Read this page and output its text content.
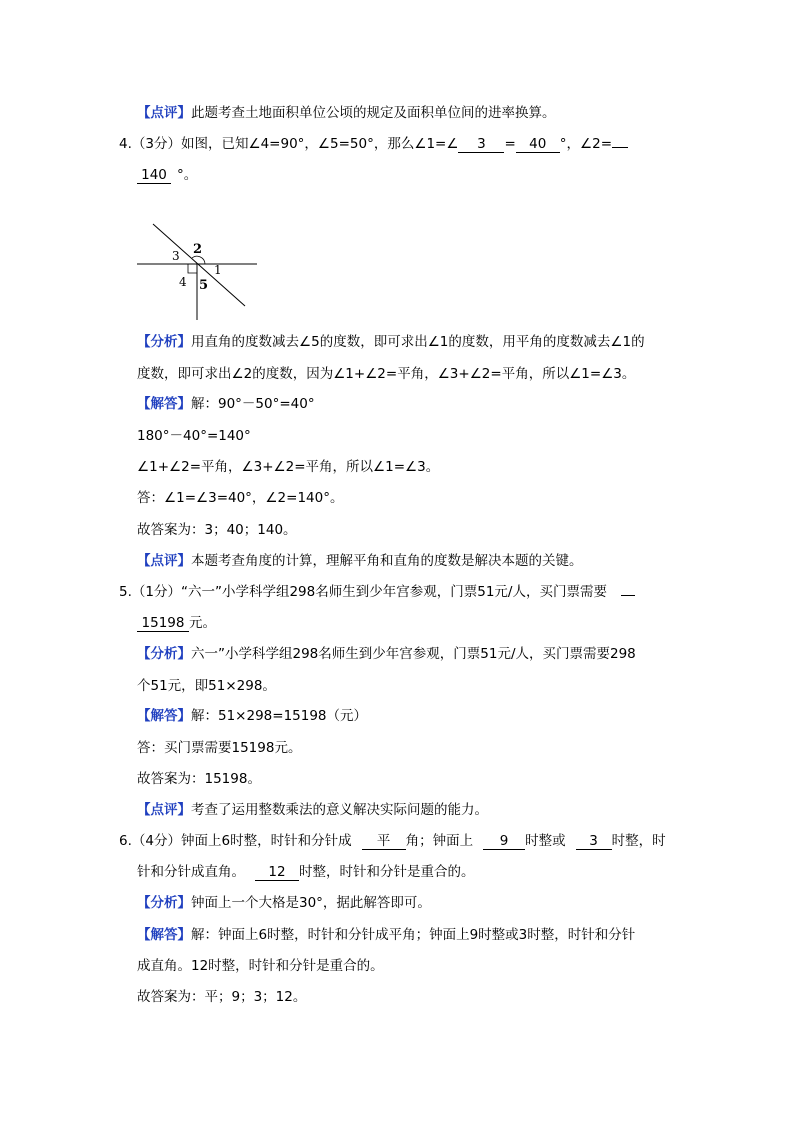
【点评】此题考查土地面积单位公顷的规定及面积单位间的进率换算。
4.（3分）如图，已知∠4=90°，∠5=50°，那么∠1=∠ 3 = 40 °，∠2=
140 °。
1
2
3
4 5
【分析】用直角的度数减去∠5的度数，即可求出∠1的度数，用平角的度数减去∠1的
度数，即可求出∠2的度数，因为∠1+∠2=平角，∠3+∠2=平角，所以∠1=∠3。
【解答】解：90°－50°=40°
180°－40°=140°
∠1+∠2=平角，∠3+∠2=平角，所以∠1=∠3。
答：∠1=∠3=40°，∠2=140°。
故答案为：3；40；140。
【点评】本题考查角度的计算，理解平角和直角的度数是解决本题的关键。
5.（1分）“六一”小学科学组298名师生到少年宫参观，门票51元/人，买门票需要
15198 元。
【分析】六一”小学科学组298名师生到少年宫参观，门票51元/人，买门票需要298
个51元，即51×298。
【解答】解：51×298=15198（元）
答：买门票需要15198元。
故答案为：15198。
【点评】考查了运用整数乘法的意义解决实际问题的能力。
6.（4分）钟面上6时整，时针和分针成 平 角；钟面上 9 时整或 3 时整，时
针和分针成直角。 12 时整，时针和分针是重合的。
【分析】钟面上一个大格是30°，据此解答即可。
【解答】解：钟面上6时整，时针和分针成平角；钟面上9时整或3时整，时针和分针
成直角。12时整，时针和分针是重合的。
故答案为：平；9；3；12。
